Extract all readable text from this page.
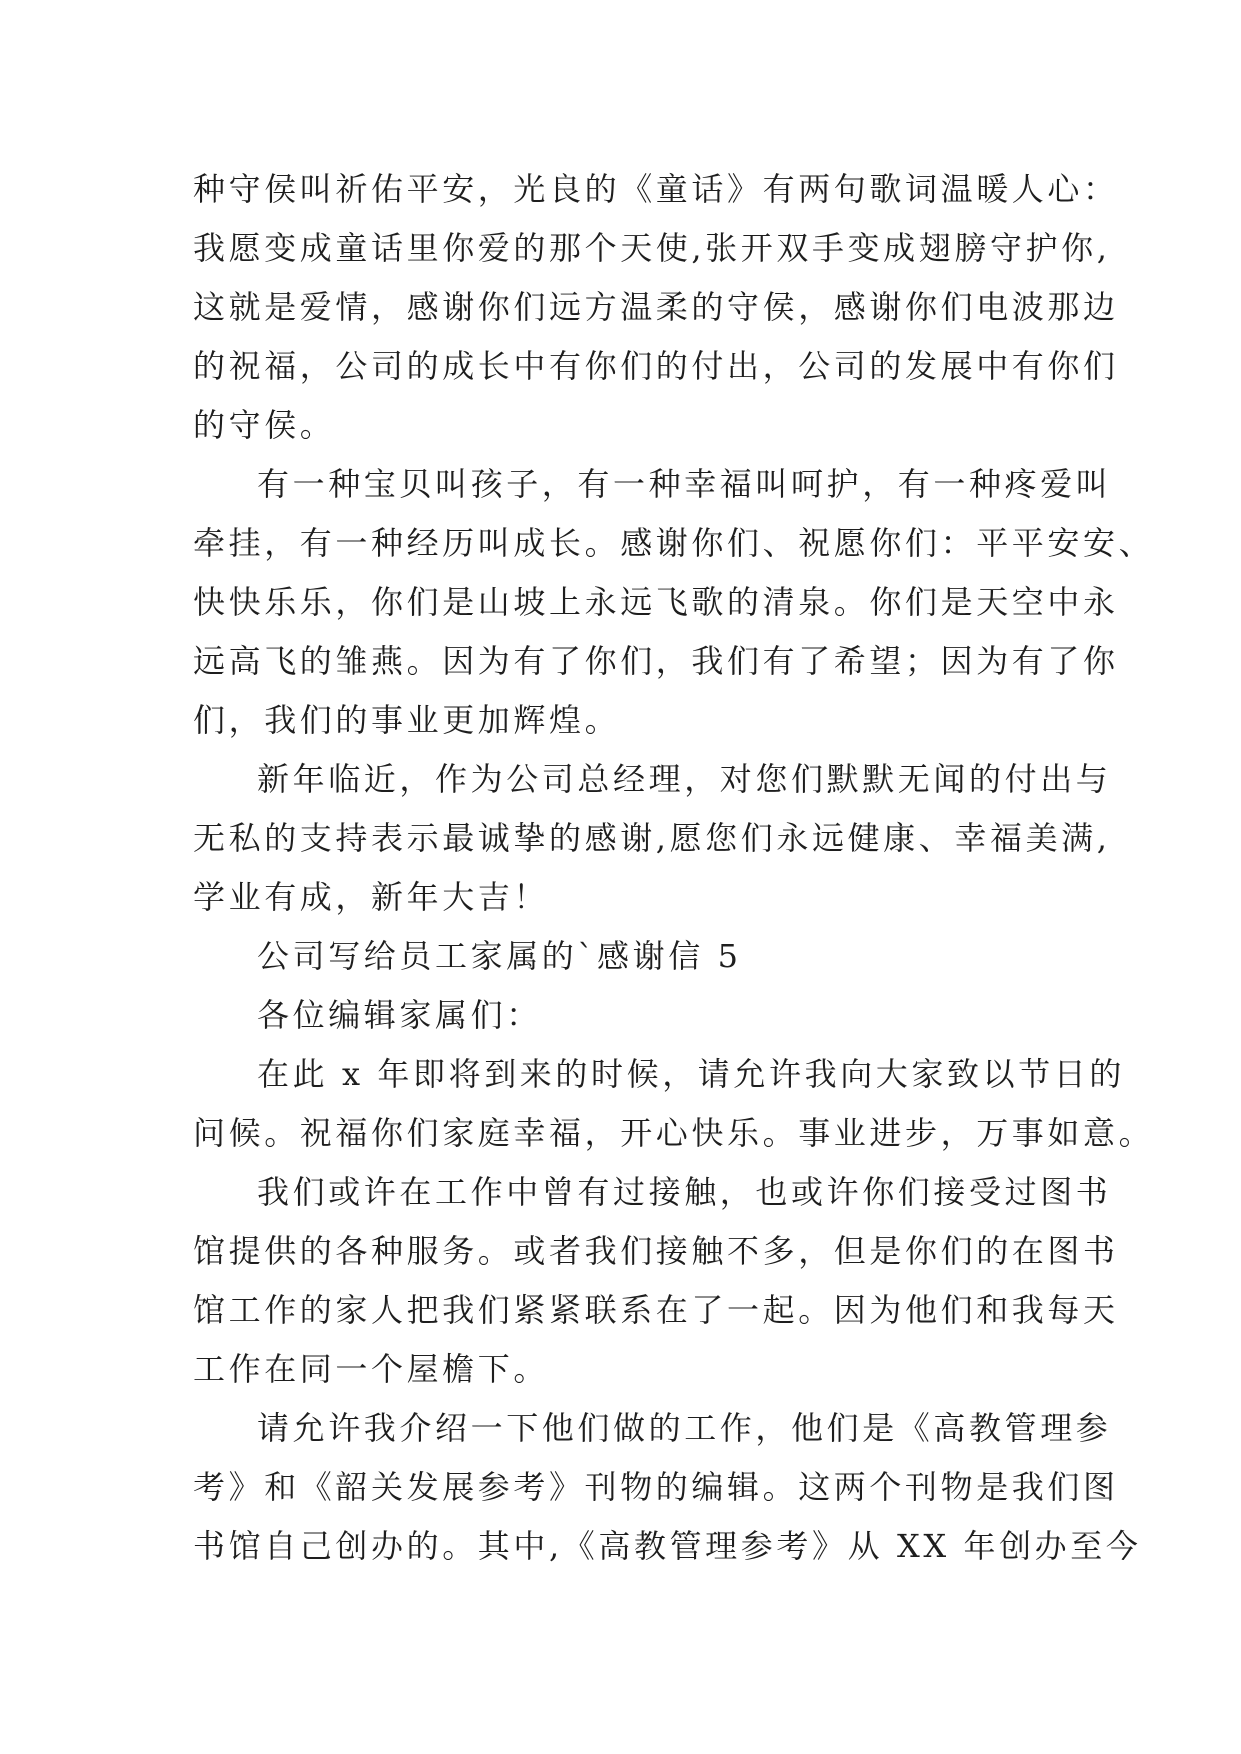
种守侯叫祈佑平安，光良的《童话》有两句歌词温暖人心：
我愿变成童话里你爱的那个天使,张开双手变成翅膀守护你,
这就是爱情，感谢你们远方温柔的守侯，感谢你们电波那边
的祝福，公司的成长中有你们的付出，公司的发展中有你们
的守侯。
有一种宝贝叫孩子，有一种幸福叫呵护，有一种疼爱叫
牵挂，有一种经历叫成长。感谢你们、祝愿你们：平平安安、
快快乐乐，你们是山坡上永远飞歌的清泉。你们是天空中永
远高飞的雏燕。因为有了你们，我们有了希望；因为有了你
们，我们的事业更加辉煌。
新年临近，作为公司总经理，对您们默默无闻的付出与
无私的支持表示最诚挚的感谢,愿您们永远健康、幸福美满,
学业有成，新年大吉！
公司写给员工家属的`感谢信 5
各位编辑家属们：
在此 x 年即将到来的时候，请允许我向大家致以节日的
问候。祝福你们家庭幸福，开心快乐。事业进步，万事如意。
我们或许在工作中曾有过接触，也或许你们接受过图书
馆提供的各种服务。或者我们接触不多，但是你们的在图书
馆工作的家人把我们紧紧联系在了一起。因为他们和我每天
工作在同一个屋檐下。
请允许我介绍一下他们做的工作，他们是《高教管理参
考》和《韶关发展参考》刊物的编辑。这两个刊物是我们图
书馆自己创办的。其中,《高教管理参考》从 XX 年创办至今
